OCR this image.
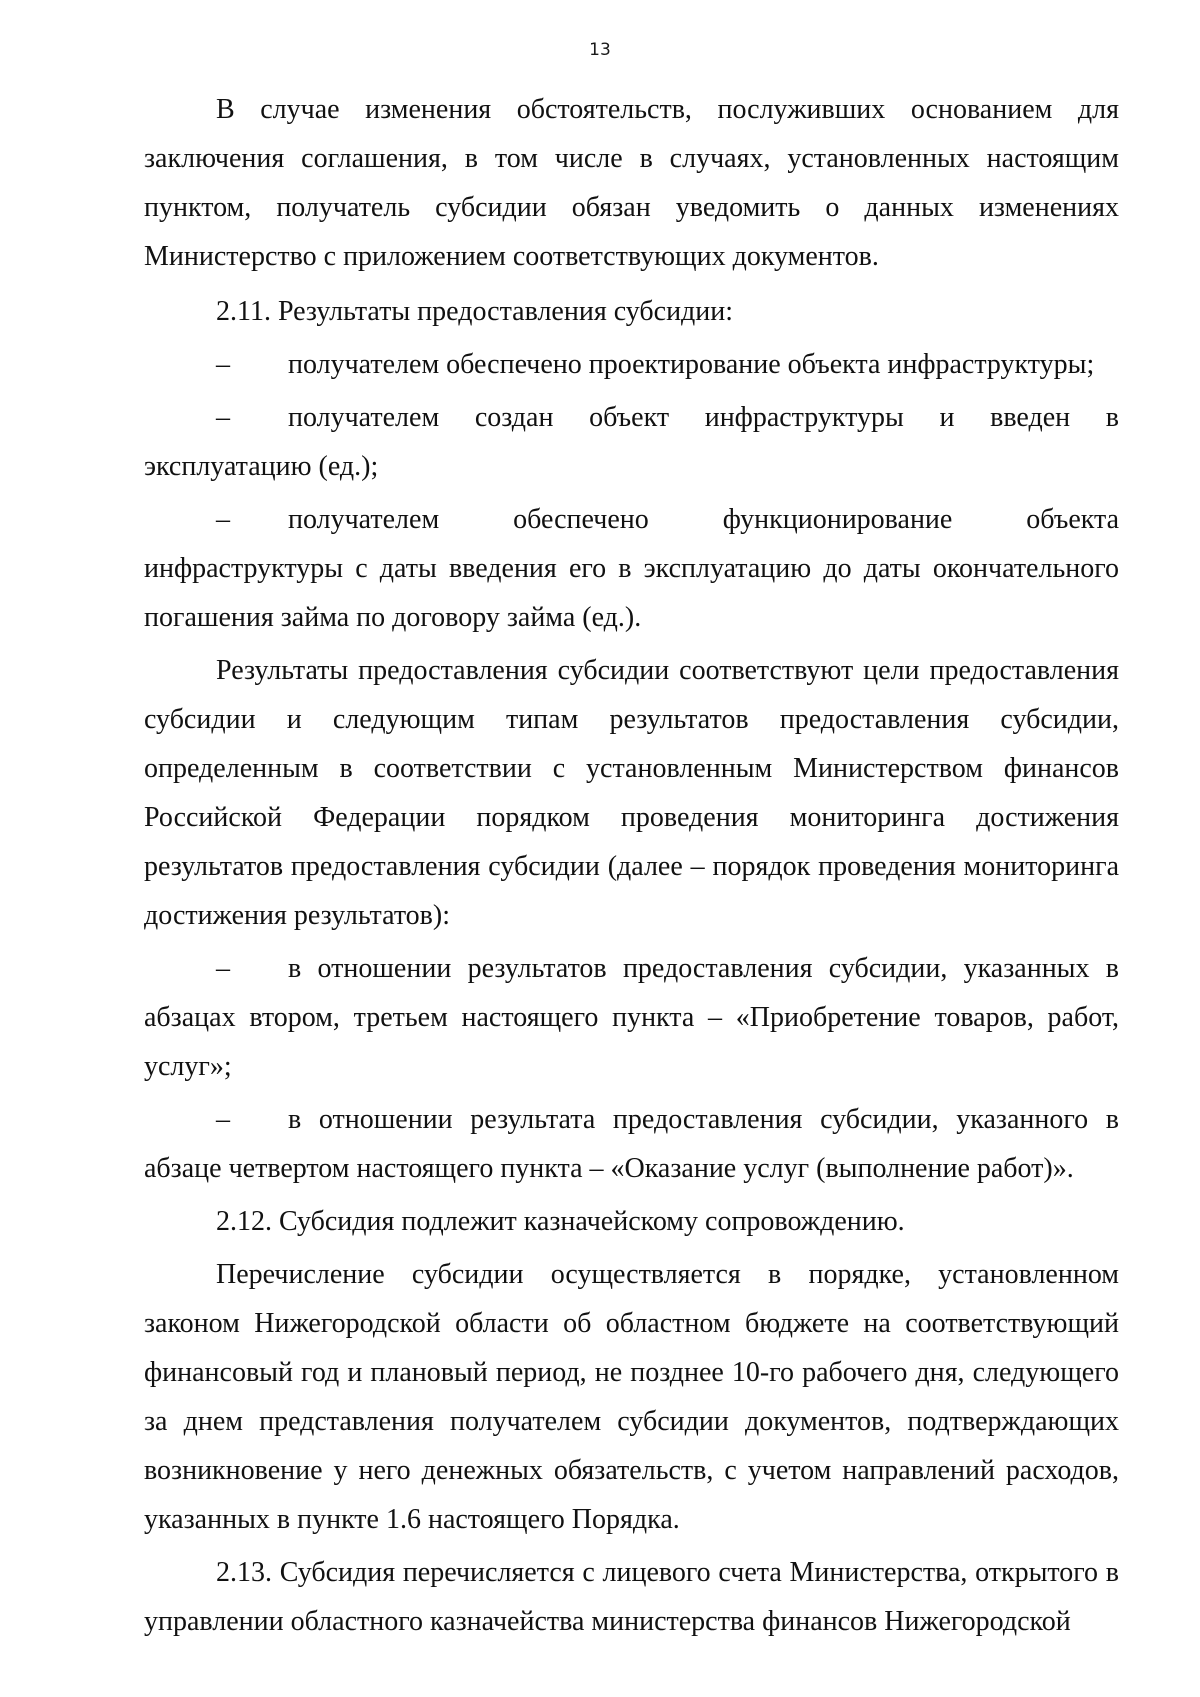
13

В случае изменения обстоятельств, послуживших основанием для заключения соглашения, в том числе в случаях, установленных настоящим пунктом, получатель субсидии обязан уведомить о данных изменениях Министерство с приложением соответствующих документов.

2.11. Результаты предоставления субсидии:

– получателем обеспечено проектирование объекта инфраструктуры;

– получателем создан объект инфраструктуры и введен в эксплуатацию (ед.);

– получателем обеспечено функционирование объекта инфраструктуры с даты введения его в эксплуатацию до даты окончательного погашения займа по договору займа (ед.).

Результаты предоставления субсидии соответствуют цели предоставления субсидии и следующим типам результатов предоставления субсидии, определенным в соответствии с установленным Министерством финансов Российской Федерации порядком проведения мониторинга достижения результатов предоставления субсидии (далее – порядок проведения мониторинга достижения результатов):

– в отношении результатов предоставления субсидии, указанных в абзацах втором, третьем настоящего пункта – «Приобретение товаров, работ, услуг»;

– в отношении результата предоставления субсидии, указанного в абзаце четвертом настоящего пункта – «Оказание услуг (выполнение работ)».

2.12. Субсидия подлежит казначейскому сопровождению.

Перечисление субсидии осуществляется в порядке, установленном законом Нижегородской области об областном бюджете на соответствующий финансовый год и плановый период, не позднее 10-го рабочего дня, следующего за днем представления получателем субсидии документов, подтверждающих возникновение у него денежных обязательств, с учетом направлений расходов, указанных в пункте 1.6 настоящего Порядка.

2.13. Субсидия перечисляется с лицевого счета Министерства, открытого в управлении областного казначейства министерства финансов Нижегородской
